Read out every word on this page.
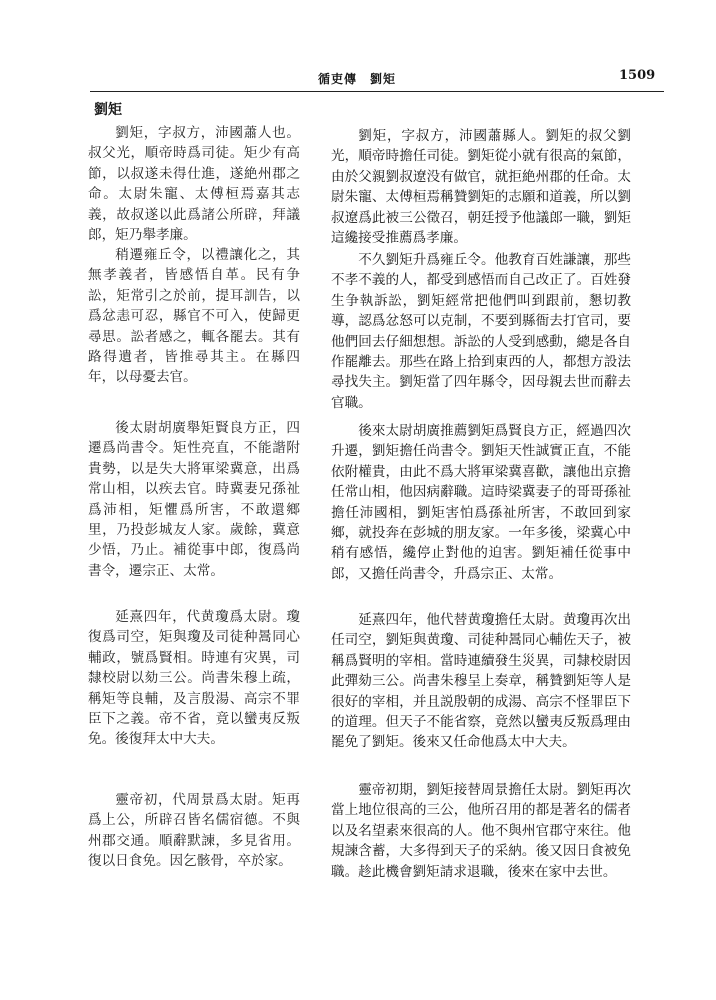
循吏傳　劉矩	1509
劉矩

劉矩，字叔方，沛國蕭人也。叔父光，順帝時爲司徒。矩少有高節，以叔遂未得仕進，遂絶州郡之命。太尉朱寵、太傅桓焉嘉其志義，故叔遂以此爲諸公所辟，拜議郎，矩乃舉孝廉。

稍遷雍丘令，以禮讓化之，其無孝義者，皆感悟自革。民有争訟，矩常引之於前，提耳訓告，以爲忿恚可忍，縣官不可入，使歸更尋思。訟者感之，輒各罷去。其有路得遺者，皆推尋其主。在縣四年，以母憂去官。

後太尉胡廣舉矩賢良方正，四遷爲尚書令。矩性亮直，不能諧附貴勢，以是失大將軍梁冀意，出爲常山相，以疾去官。時冀妻兄孫祉爲沛相，矩懼爲所害，不敢還鄉里，乃投彭城友人家。歲餘，冀意少悟，乃止。補從事中郎，復爲尚書令，遷宗正、太常。

延熹四年，代黄瓊爲太尉。瓊復爲司空，矩與瓊及司徒种暠同心輔政，號爲賢相。時連有灾異，司隸校尉以劾三公。尚書朱穆上疏，稱矩等良輔，及言殷湯、高宗不罪臣下之義。帝不省，竟以蠻夷反叛免。後復拜太中大夫。

靈帝初，代周景爲太尉。矩再爲上公，所辟召皆名儒宿德。不與州郡交通。順辭默諫，多見省用。復以日食免。因乞骸骨，卒於家。

劉矩，字叔方，沛國蕭縣人。劉矩的叔父劉光，順帝時擔任司徒。劉矩從小就有很高的氣節，由於父親劉叔遼没有做官，就拒絶州郡的任命。太尉朱寵、太傅桓焉稱贊劉矩的志願和道義，所以劉叔遼爲此被三公徵召，朝廷授予他議郎一職，劉矩這纔接受推薦爲孝廉。

不久劉矩升爲雍丘令。他教育百姓謙讓，那些不孝不義的人，都受到感悟而自己改正了。百姓發生争執訴訟，劉矩經常把他們叫到跟前，懇切教導，認爲忿怒可以克制，不要到縣衙去打官司，要他們回去仔細想想。訴訟的人受到感動，總是各自作罷離去。那些在路上拾到東西的人，都想方設法尋找失主。劉矩當了四年縣令，因母親去世而辭去官職。

後來太尉胡廣推薦劉矩爲賢良方正，經過四次升遷，劉矩擔任尚書令。劉矩天性誠實正直，不能依附權貴，由此不爲大將軍梁冀喜歡，讓他出京擔任常山相，他因病辭職。這時梁冀妻子的哥哥孫祉擔任沛國相，劉矩害怕爲孫祉所害，不敢回到家鄉，就投奔在彭城的朋友家。一年多後，梁冀心中稍有感悟，纔停止對他的迫害。劉矩補任從事中郎，又擔任尚書令，升爲宗正、太常。

延熹四年，他代替黄瓊擔任太尉。黄瓊再次出任司空，劉矩與黄瓊、司徒种暠同心輔佐天子，被稱爲賢明的宰相。當時連續發生災異，司隸校尉因此彈劾三公。尚書朱穆呈上奏章，稱贊劉矩等人是很好的宰相，并且説殷朝的成湯、高宗不怪罪臣下的道理。但天子不能省察，竟然以蠻夷反叛爲理由罷免了劉矩。後來又任命他爲太中大夫。

靈帝初期，劉矩接替周景擔任太尉。劉矩再次當上地位很高的三公，他所召用的都是著名的儒者以及名望素來很高的人。他不與州官郡守來往。他規諫含蓄，大多得到天子的采納。後又因日食被免職。趁此機會劉矩請求退職，後來在家中去世。
